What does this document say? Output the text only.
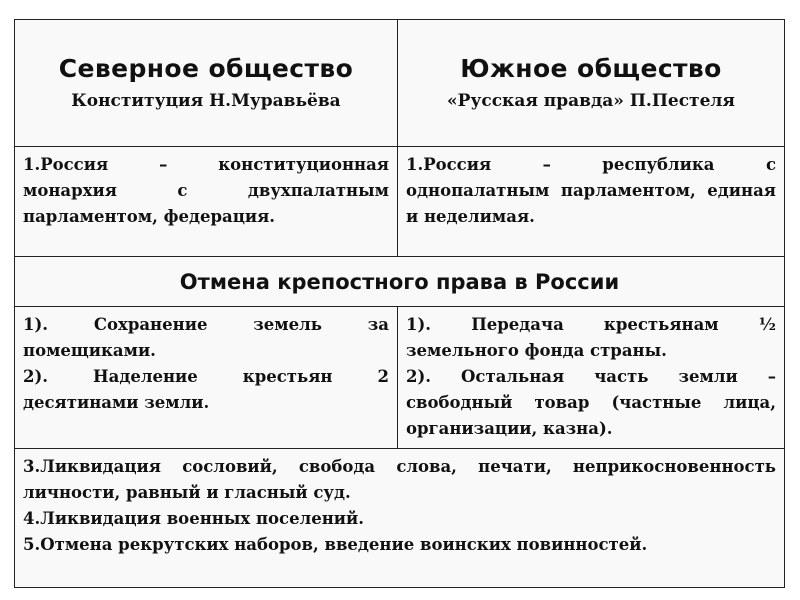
Северное общество
Конституция Н.Муравьёва
Южное общество
«Русская правда» П.Пестеля

1.Россия – конституционная монархия с двухпалатным парламентом, федерация.

1.Россия – республика с однопалатным парламентом, единая и неделимая.

Отмена крепостного права в России

1). Сохранение земель за помещиками.

2). Наделение крестьян 2 десятинами земли.

1). Передача крестьянам ½ земельного фонда страны.

2). Остальная часть земли – свободный товар (частные лица, организации, казна).

3.Ликвидация сословий, свобода слова, печати, неприкосновенность личности, равный и гласный суд.

4.Ликвидация военных поселений.

5.Отмена рекрутских наборов, введение воинских повинностей.
